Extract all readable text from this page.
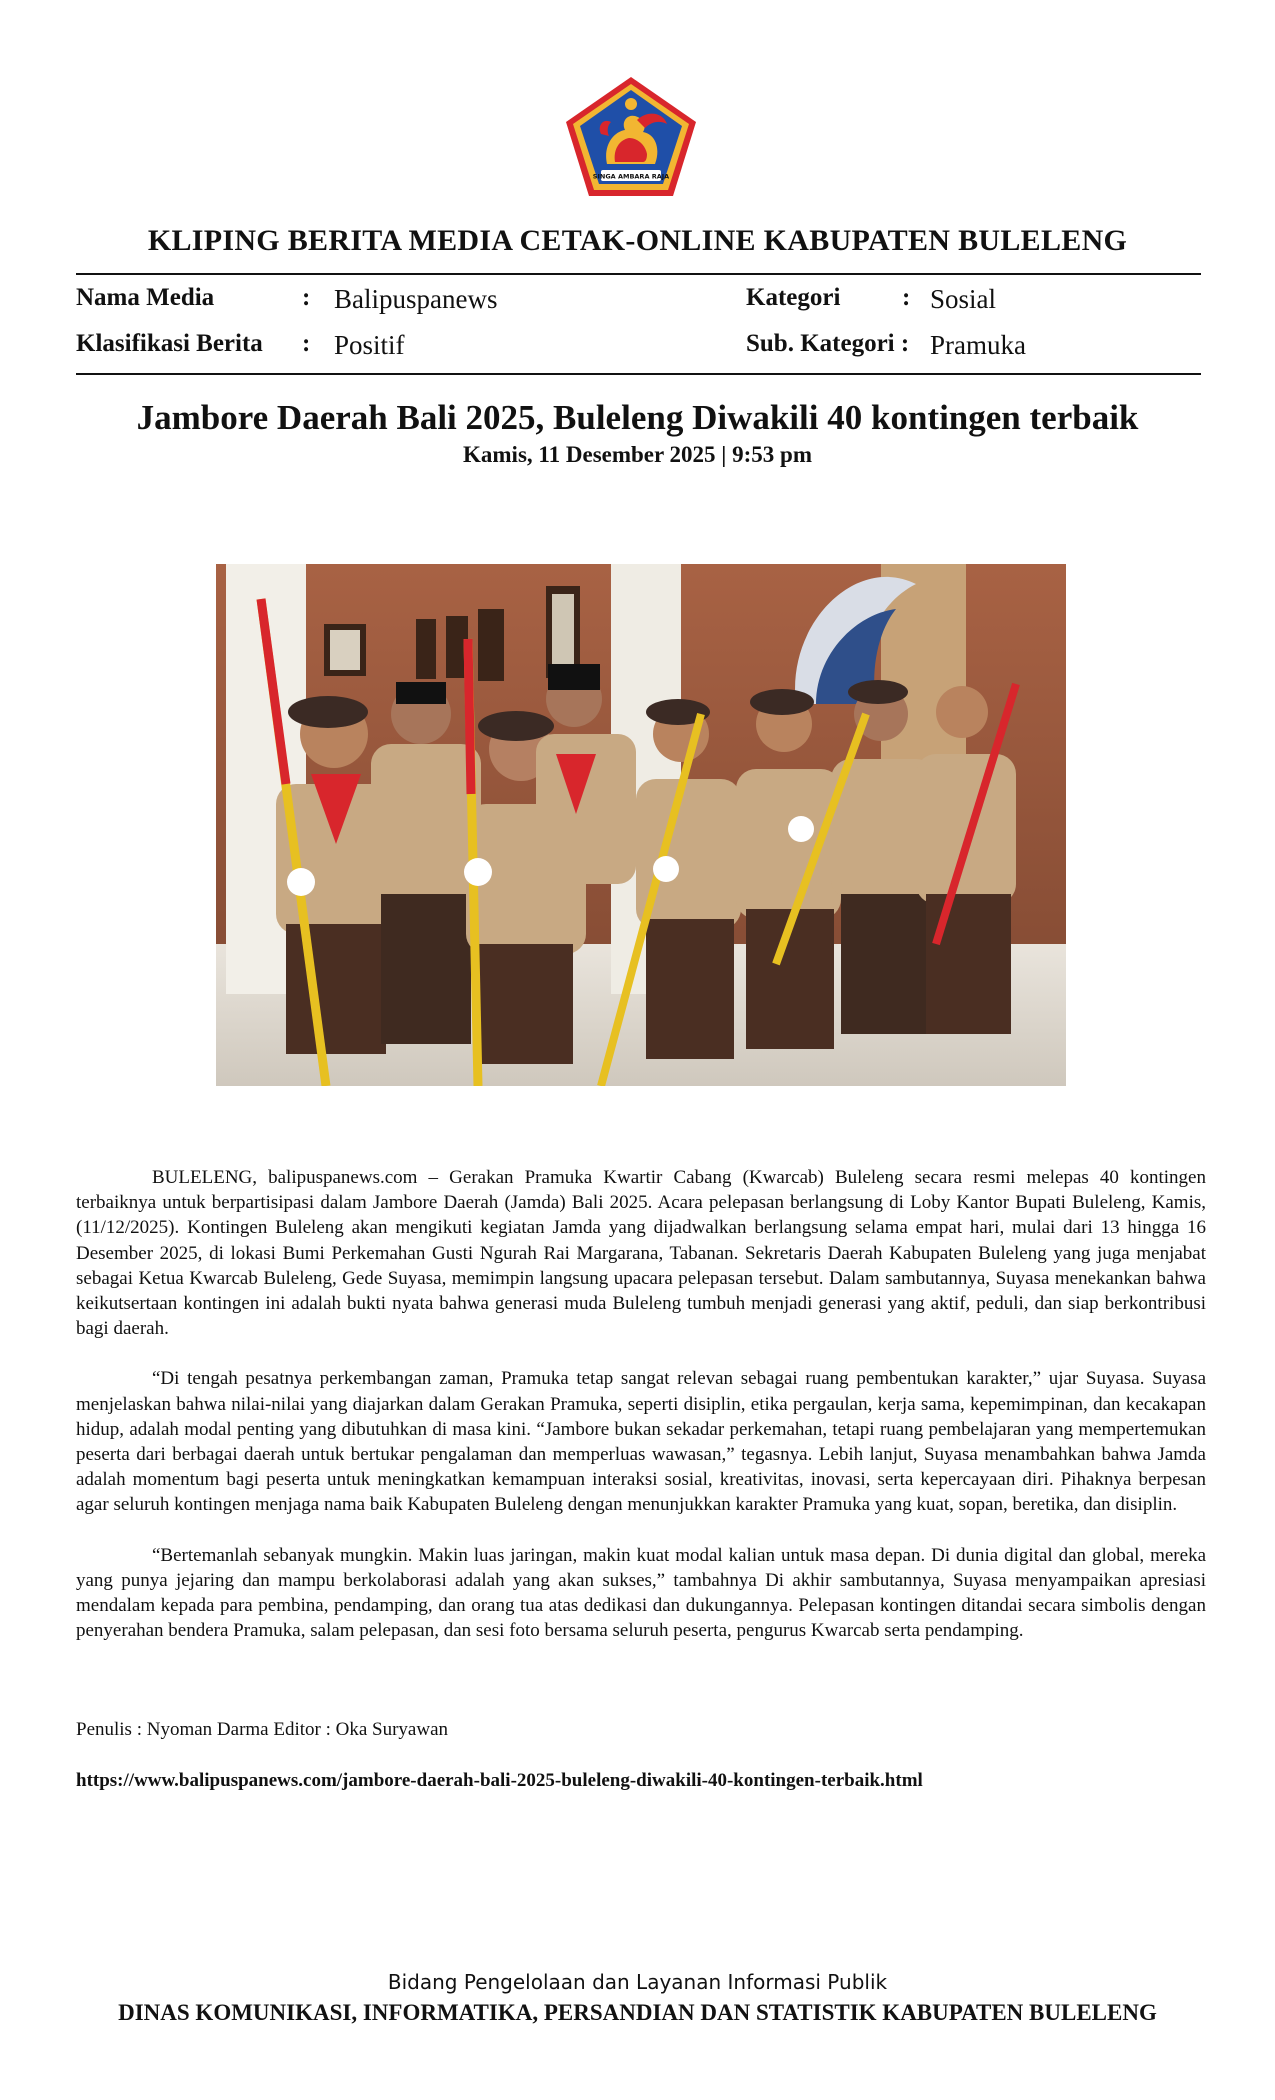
SINGA AMBARA RAJA
KLIPING BERITA MEDIA CETAK-ONLINE KABUPATEN BULELENG
Nama Media	: Balipuspanews
Klasifikasi Berita : Positif
Kategori : Sosial
Sub. Kategori : Pramuka
Jambore Daerah Bali 2025, Buleleng Diwakili 40 kontingen terbaik
Kamis, 11 Desember 2025 | 9:53 pm

BULELENG, balipuspanews.com – Gerakan Pramuka Kwartir Cabang (Kwarcab) Buleleng secara resmi melepas 40 kontingen terbaiknya untuk berpartisipasi dalam Jambore Daerah (Jamda) Bali 2025. Acara pelepasan berlangsung di Loby Kantor Bupati Buleleng, Kamis, (11/12/2025). Kontingen Buleleng akan mengikuti kegiatan Jamda yang dijadwalkan berlangsung selama empat hari, mulai dari 13 hingga 16 Desember 2025, di lokasi Bumi Perkemahan Gusti Ngurah Rai Margarana, Tabanan. Sekretaris Daerah Kabupaten Buleleng yang juga menjabat sebagai Ketua Kwarcab Buleleng, Gede Suyasa, memimpin langsung upacara pelepasan tersebut. Dalam sambutannya, Suyasa menekankan bahwa keikutsertaan kontingen ini adalah bukti nyata bahwa generasi muda Buleleng tumbuh menjadi generasi yang aktif, peduli, dan siap berkontribusi bagi daerah.

“Di tengah pesatnya perkembangan zaman, Pramuka tetap sangat relevan sebagai ruang pembentukan karakter,” ujar Suyasa. Suyasa menjelaskan bahwa nilai-nilai yang diajarkan dalam Gerakan Pramuka, seperti disiplin, etika pergaulan, kerja sama, kepemimpinan, dan kecakapan hidup, adalah modal penting yang dibutuhkan di masa kini. “Jambore bukan sekadar perkemahan, tetapi ruang pembelajaran yang mempertemukan peserta dari berbagai daerah untuk bertukar pengalaman dan memperluas wawasan,” tegasnya. Lebih lanjut, Suyasa menambahkan bahwa Jamda adalah momentum bagi peserta untuk meningkatkan kemampuan interaksi sosial, kreativitas, inovasi, serta kepercayaan diri. Pihaknya berpesan agar seluruh kontingen menjaga nama baik Kabupaten Buleleng dengan menunjukkan karakter Pramuka yang kuat, sopan, beretika, dan disiplin.

“Bertemanlah sebanyak mungkin. Makin luas jaringan, makin kuat modal kalian untuk masa depan. Di dunia digital dan global, mereka yang punya jejaring dan mampu berkolaborasi adalah yang akan sukses,” tambahnya Di akhir sambutannya, Suyasa menyampaikan apresiasi mendalam kepada para pembina, pendamping, dan orang tua atas dedikasi dan dukungannya. Pelepasan kontingen ditandai secara simbolis dengan penyerahan bendera Pramuka, salam pelepasan, dan sesi foto bersama seluruh peserta, pengurus Kwarcab serta pendamping.

Penulis : Nyoman Darma Editor : Oka Suryawan
https://www.balipuspanews.com/jambore-daerah-bali-2025-buleleng-diwakili-40-kontingen-terbaik.html
Bidang Pengelolaan dan Layanan Informasi Publik
DINAS KOMUNIKASI, INFORMATIKA, PERSANDIAN DAN STATISTIK KABUPATEN BULELENG
